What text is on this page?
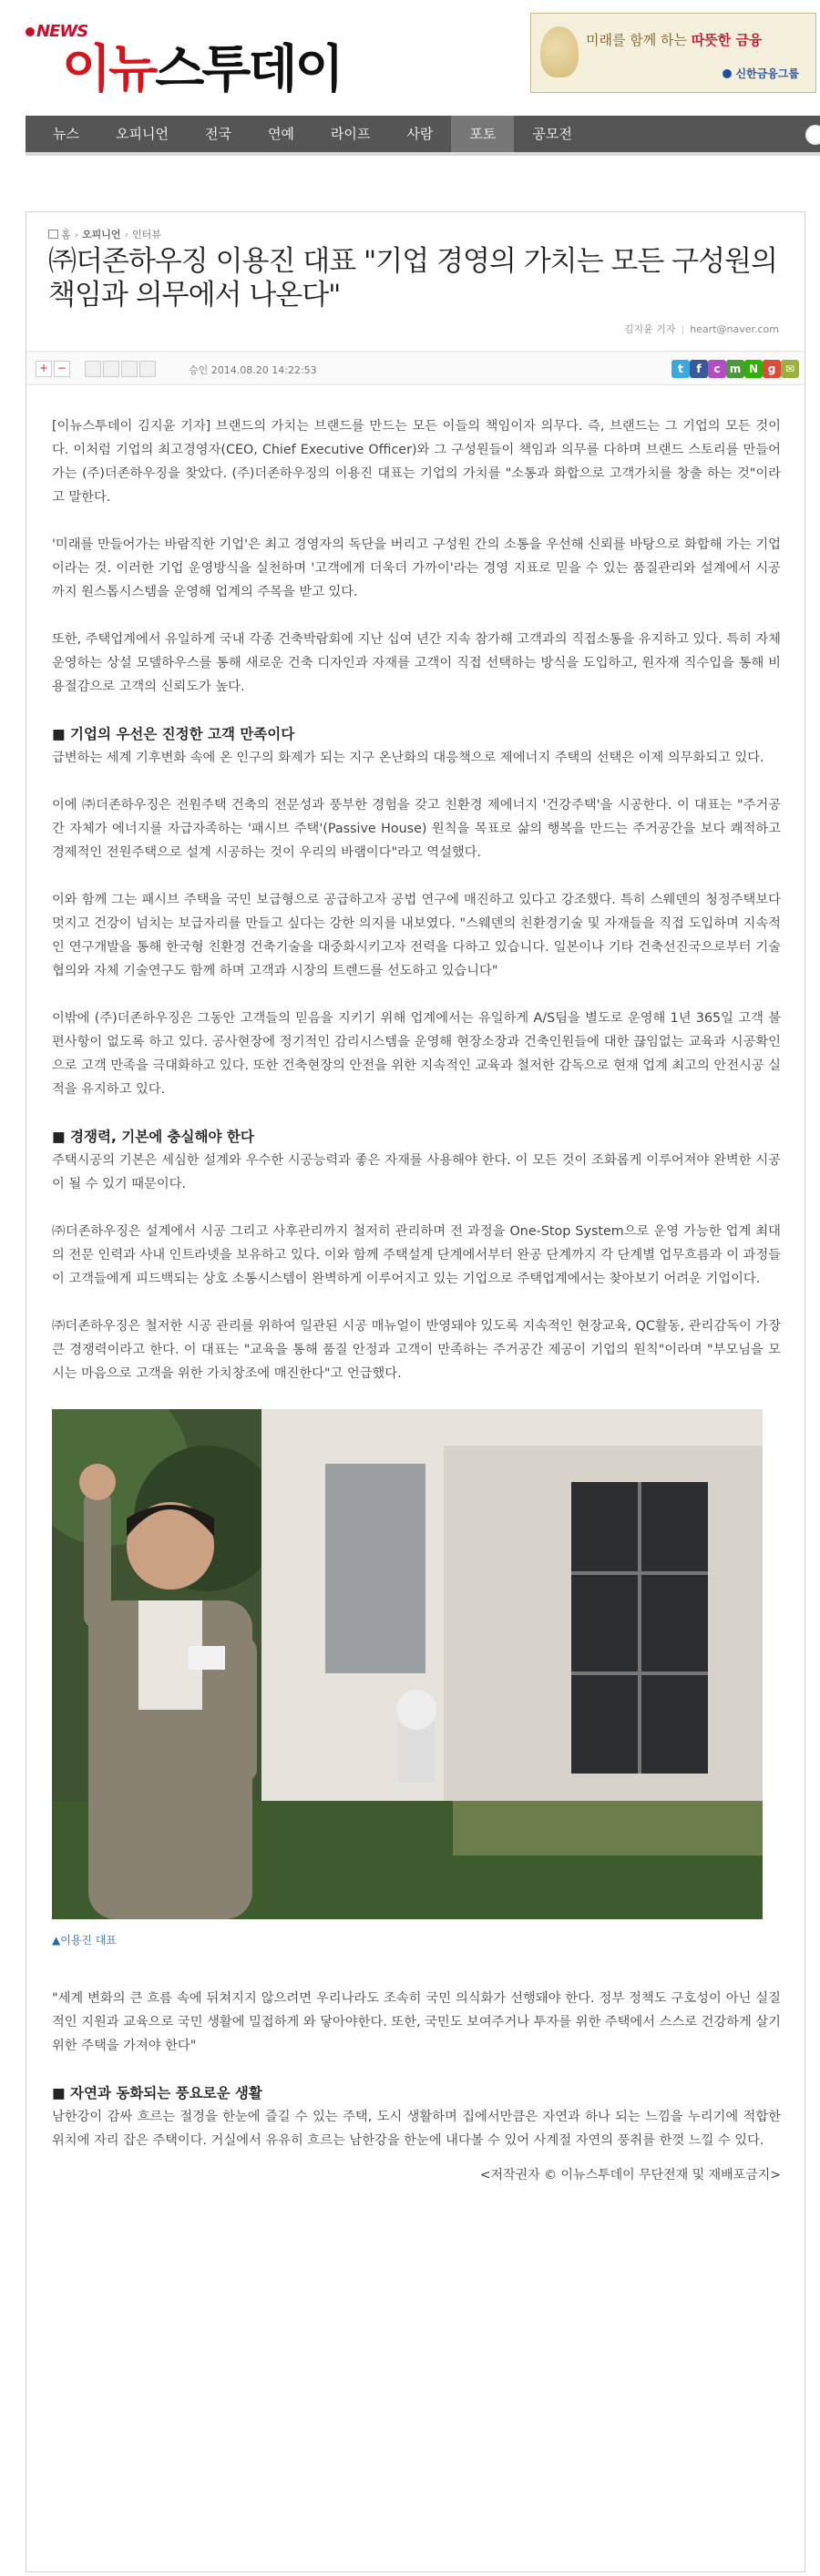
NEWS
이뉴스투데이	미래를 함께 하는 따뜻한 금융
신한금융그룹
뉴스	오피니언	전국	연예	라이프	사람	포토	공모전
홈 › 오피니언 › 인터뷰
㈜더존하우징 이용진 대표 "기업 경영의 가치는 모든 구성원의 책임과 의무에서 나온다"
김지윤 기자 | heart@naver.com
+ −	승인 2014.08.20 14:22:53	t	f	c m N g ✉

[이뉴스투데이 김지윤 기자] 브랜드의 가치는 브랜드를 만드는 모든 이들의 책임이자 의무다. 즉, 브랜드는 그 기업의 모든 것이다. 이처럼 기업의 최고경영자(CEO, Chief Executive Officer)와 그 구성원들이 책임과 의무를 다하며 브랜드 스토리를 만들어 가는 (주)더존하우징을 찾았다. (주)더존하우징의 이용진 대표는 기업의 가치를 "소통과 화합으로 고객가치를 창출 하는 것"이라고 말한다.

'미래를 만들어가는 바람직한 기업'은 최고 경영자의 독단을 버리고 구성원 간의 소통을 우선해 신뢰를 바탕으로 화합해 가는 기업이라는 것. 이러한 기업 운영방식을 실천하며 '고객에게 더욱더 가까이'라는 경영 지표로 믿을 수 있는 품질관리와 설계에서 시공까지 원스톱시스템을 운영해 업계의 주목을 받고 있다.

또한, 주택업계에서 유일하게 국내 각종 건축박람회에 지난 십여 년간 지속 참가해 고객과의 직접소통을 유지하고 있다. 특히 자체 운영하는 상설 모델하우스를 통해 새로운 건축 디자인과 자재를 고객이 직접 선택하는 방식을 도입하고, 원자재 직수입을 통해 비용절감으로 고객의 신뢰도가 높다.

■ 기업의 우선은 진정한 고객 만족이다

급변하는 세계 기후변화 속에 온 인구의 화제가 되는 지구 온난화의 대응책으로 제에너지 주택의 선택은 이제 의무화되고 있다.

이에 ㈜더존하우징은 전원주택 건축의 전문성과 풍부한 경험을 갖고 친환경 제에너지 '건강주택'을 시공한다. 이 대표는 "주거공간 자체가 에너지를 자급자족하는 '패시브 주택'(Passive House) 원칙을 목표로 삶의 행복을 만드는 주거공간을 보다 쾌적하고 경제적인 전원주택으로 설계 시공하는 것이 우리의 바램이다"라고 역설했다.

이와 함께 그는 패시브 주택을 국민 보급형으로 공급하고자 공법 연구에 매진하고 있다고 강조했다. 특히 스웨덴의 청정주택보다 멋지고 건강이 넘치는 보급자리를 만들고 싶다는 강한 의지를 내보였다. "스웨덴의 친환경기술 및 자재들을 직접 도입하며 지속적인 연구개발을 통해 한국형 친환경 건축기술을 대중화시키고자 전력을 다하고 있습니다. 일본이나 기타 건축선진국으로부터 기술협의와 자체 기술연구도 함께 하며 고객과 시장의 트렌드를 선도하고 있습니다"

이밖에 (주)더존하우징은 그동안 고객들의 믿음을 지키기 위해 업계에서는 유일하게 A/S팀을 별도로 운영해 1년 365일 고객 불편사항이 없도록 하고 있다. 공사현장에 정기적인 감리시스템을 운영해 현장소장과 건축인원들에 대한 끊임없는 교육과 시공확인으로 고객 만족을 극대화하고 있다. 또한 건축현장의 안전을 위한 지속적인 교육과 철저한 감독으로 현재 업계 최고의 안전시공 실적을 유지하고 있다.

■ 경쟁력, 기본에 충실해야 한다

주택시공의 기본은 세심한 설계와 우수한 시공능력과 좋은 자재를 사용해야 한다. 이 모든 것이 조화롭게 이루어져야 완벽한 시공이 될 수 있기 때문이다.

㈜더존하우징은 설계에서 시공 그리고 사후관리까지 철저히 관리하며 전 과정을 One-Stop System으로 운영 가능한 업계 최대의 전문 인력과 사내 인트라넷을 보유하고 있다. 이와 함께 주택설계 단계에서부터 완공 단계까지 각 단계별 업무흐름과 이 과정들이 고객들에게 피드백되는 상호 소통시스템이 완벽하게 이루어지고 있는 기업으로 주택업계에서는 찾아보기 어려운 기업이다.

㈜더존하우징은 철저한 시공 관리를 위하여 일관된 시공 매뉴얼이 반영돼야 있도록 지속적인 현장교육, QC활동, 관리감독이 가장 큰 경쟁력이라고 한다. 이 대표는 "교육을 통해 품질 안정과 고객이 만족하는 주거공간 제공이 기업의 원칙"이라며 "부모님을 모시는 마음으로 고객을 위한 가치창조에 매진한다"고 언급했다.

▲이용진 대표

"세계 변화의 큰 흐름 속에 뒤쳐지지 않으려면 우리나라도 조속히 국민 의식화가 선행돼야 한다. 정부 정책도 구호성이 아닌 실질적인 지원과 교육으로 국민 생활에 밀접하게 와 닿아야한다. 또한, 국민도 보여주거나 투자를 위한 주택에서 스스로 건강하게 살기 위한 주택을 가져야 한다"

■ 자연과 동화되는 풍요로운 생활

남한강이 감싸 흐르는 절경을 한눈에 즐길 수 있는 주택, 도시 생활하며 집에서만큼은 자연과 하나 되는 느낌을 누리기에 적합한 위치에 자리 잡은 주택이다. 거실에서 유유히 흐르는 남한강을 한눈에 내다볼 수 있어 사계절 자연의 풍취를 한껏 느낄 수 있다.

<저작권자 © 이뉴스투데이 무단전재 및 재배포금지>
